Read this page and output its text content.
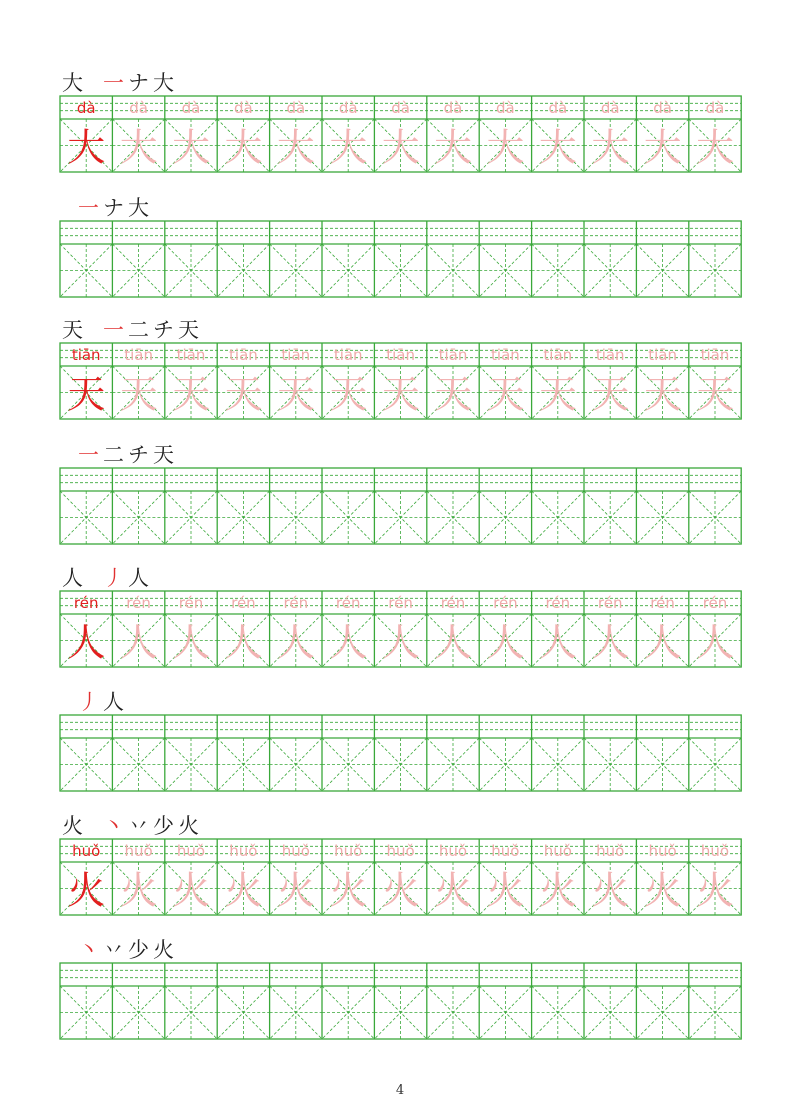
大 一 ナ 大
dà
大
dà
大
dà
大
dà
大
dà
大
dà
大
dà
大
dà
大
dà
大
dà
大
dà
大
dà
大
dà
大
一 ナ 大
天 一 二 チ 天
tiān
天
tiān
天
tiān
天
tiān
天
tiān
天
tiān
天
tiān
天
tiān
天
tiān
天
tiān
天
tiān
天
tiān
天
tiān
天
一 二 チ 天
人 丿 人
rén
人
rén
人
rén
人
rén
人
rén
人
rén
人
rén
人
rén
人
rén
人
rén
人
rén
人
rén
人
rén
人
丿 人
火 丶 丷 少 火
huǒ
火
huǒ
火
huǒ
火
huǒ
火
huǒ
火
huǒ
火
huǒ
火
huǒ
火
huǒ
火
huǒ
火
huǒ
火
huǒ
火
huǒ
火
丶 丷 少 火
4
